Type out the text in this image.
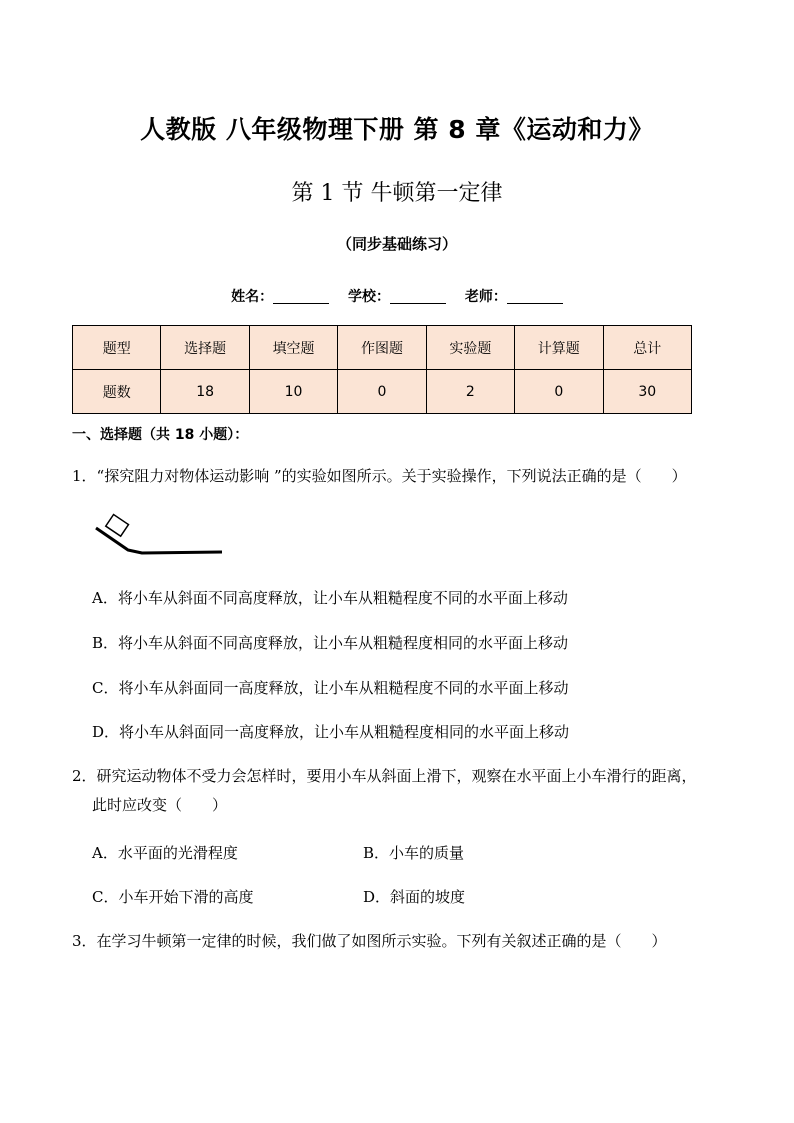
人教版 八年级物理下册 第 8 章《运动和力》
第 1 节 牛顿第一定律
（同步基础练习）
姓名：	学校：	老师：
题型	选择题	填空题	作图题	实验题	计算题	总计
题数	18	10	0	2	0	30
一、选择题（共 18 小题）：
1．“探究阻力对物体运动影响 ”的实验如图所示。关于实验操作，下列说法正确的是（　　）
A．将小车从斜面不同高度释放，让小车从粗糙程度不同的水平面上移动
B．将小车从斜面不同高度释放，让小车从粗糙程度相同的水平面上移动
C．将小车从斜面同一高度释放，让小车从粗糙程度不同的水平面上移动
D．将小车从斜面同一高度释放，让小车从粗糙程度相同的水平面上移动
2．研究运动物体不受力会怎样时，要用小车从斜面上滑下，观察在水平面上小车滑行的距离，
此时应改变（　　）
A．水平面的光滑程度	B．小车的质量
C．小车开始下滑的高度	D．斜面的坡度
3．在学习牛顿第一定律的时候，我们做了如图所示实验。下列有关叙述正确的是（　　）
